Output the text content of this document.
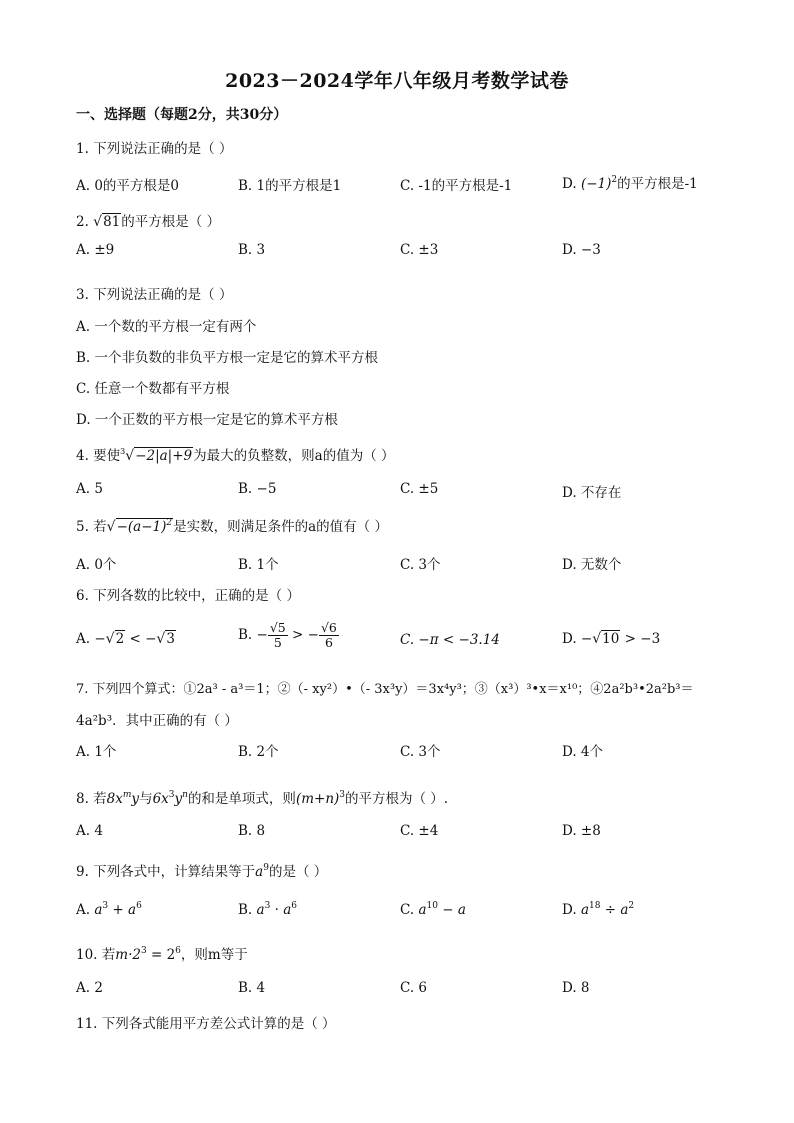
2023－2024学年八年级月考数学试卷
一、选择题（每题2分，共30分）
1. 下列说法正确的是（ ）
A. 0的平方根是0	B. 1的平方根是1	C. -1的平方根是-1	D. $(-1)^2$的平方根是-1
2. √81的平方根是（ ）
A. ±9	B. 3	C. ±3	D. −3
3. 下列说法正确的是（ ）
A. 一个数的平方根一定有两个
B. 一个非负数的非负平方根一定是它的算术平方根
C. 任意一个数都有平方根
D. 一个正数的平方根一定是它的算术平方根
4. 要使$^3$√−2|a|+9为最大的负整数，则a的值为（ ）
A. 5	B. −5	C. ±5	D. 不存在
5. 若$√-(a-1)^2$是实数，则满足条件的a的值有（ ）
A. 0个	B. 1个	C. 3个	D. 无数个
6. 下列各数的比较中，正确的是（ ）
A. −√2 < −√3	B. − $\frac{√5}{5}$ > − $\frac{√6}{6}$	C. −π < −3.14	D. −√10 > −3
7. 下列四个算式：①2a³ - a³＝1；②（- xy²）•（- 3x³y）＝3x⁴y³；③（x³）³•x＝x¹⁰；④2a²b³•2a²b³＝
4a²b³．其中正确的有（ ）
A. 1个	B. 2个	C. 3个	D. 4个
8. 若$8x^my$与$6x^3y^n$的和是单项式，则$(m+n)^3$的平方根为（ ）.
A. 4	B. 8	C. ±4	D. ±8
9. 下列各式中，计算结果等于$a^9$的是（ ）
A. $a^3 + a^6$	B. $a^3 \cdot a^6$	C. $a^{10} - a$	D. $a^{18} \div a^2$
10. 若$m\cdot 2^3 = 2^6$，则m等于
A. 2	B. 4	C. 6	D. 8
11. 下列各式能用平方差公式计算的是（ ）
